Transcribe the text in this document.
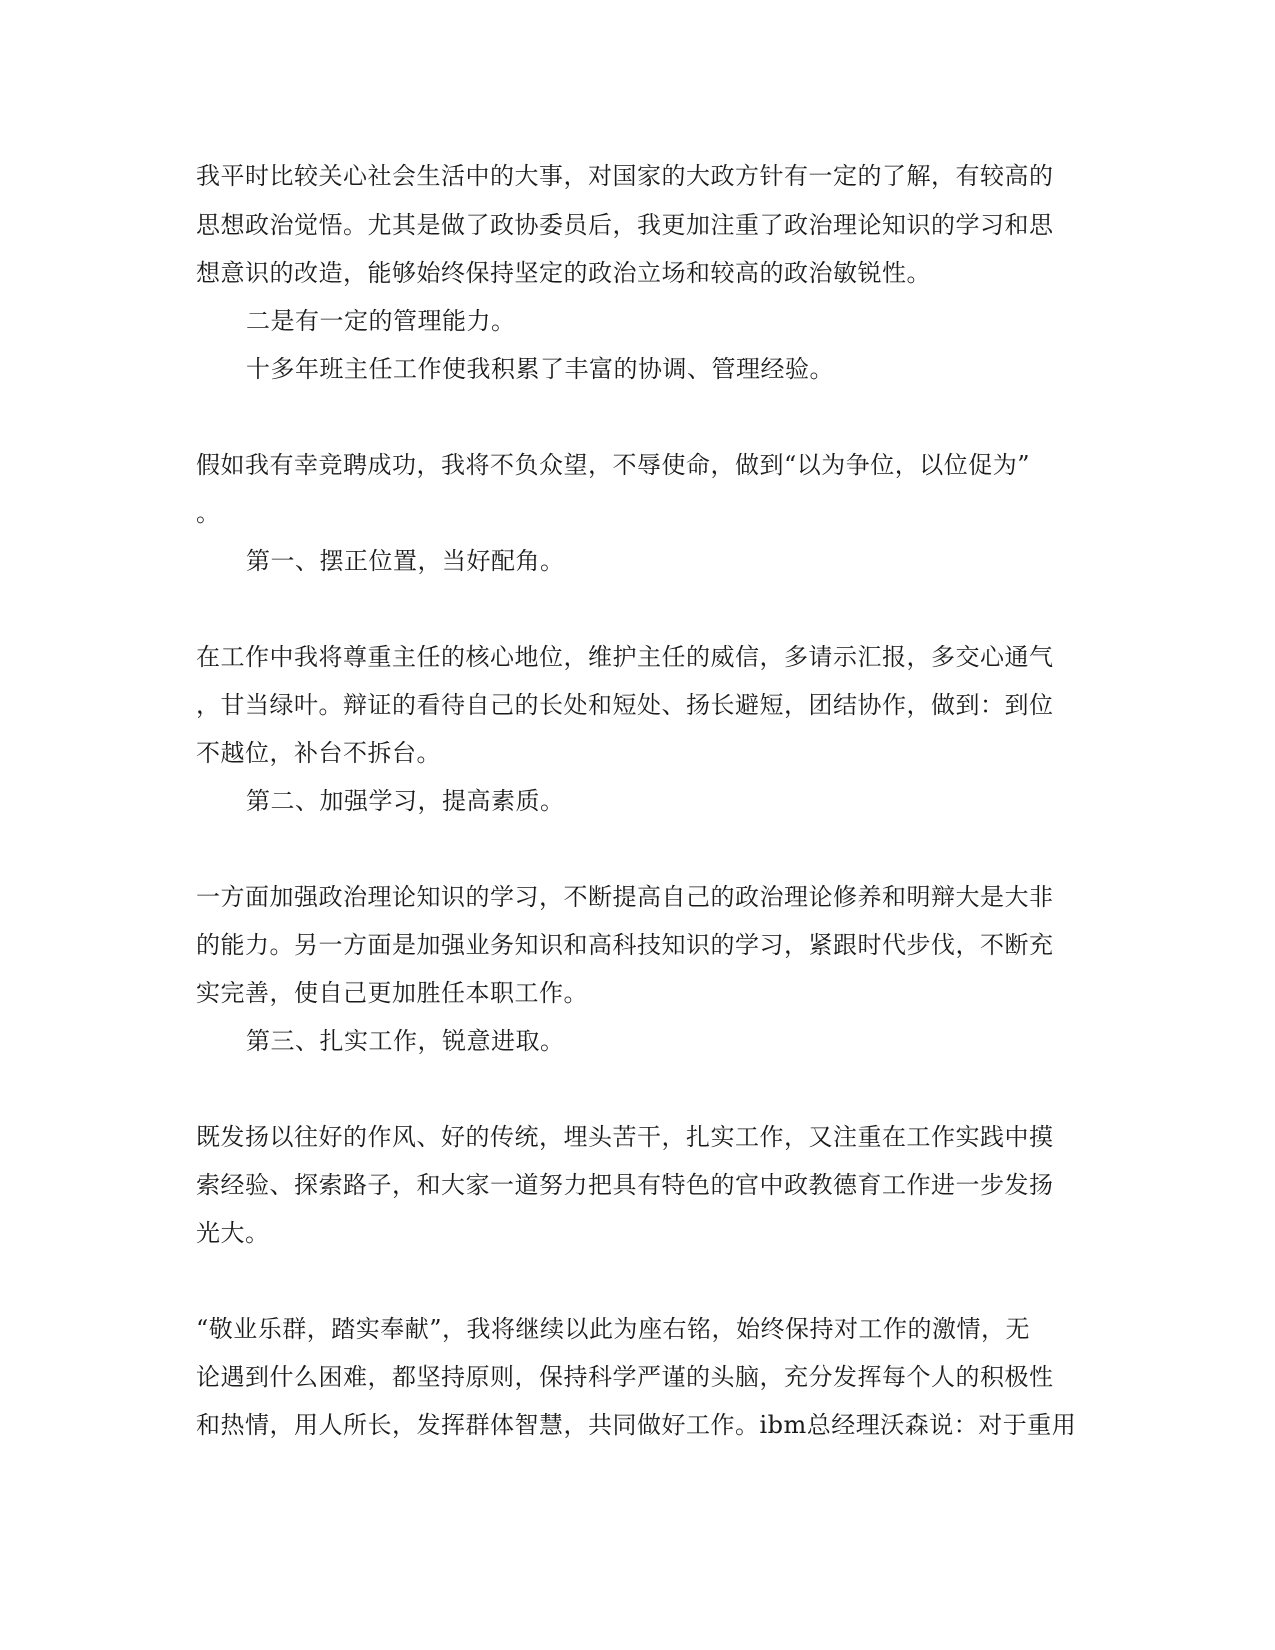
我平时比较关心社会生活中的大事，对国家的大政方针有一定的了解，有较高的
思想政治觉悟。尤其是做了政协委员后，我更加注重了政治理论知识的学习和思
想意识的改造，能够始终保持坚定的政治立场和较高的政治敏锐性。
二是有一定的管理能力。
十多年班主任工作使我积累了丰富的协调、管理经验。
假如我有幸竞聘成功，我将不负众望，不辱使命，做到“以为争位，以位促为”
。
第一、摆正位置，当好配角。
在工作中我将尊重主任的核心地位，维护主任的威信，多请示汇报，多交心通气
，甘当绿叶。辩证的看待自己的长处和短处、扬长避短，团结协作，做到：到位
不越位，补台不拆台。
第二、加强学习，提高素质。
一方面加强政治理论知识的学习，不断提高自己的政治理论修养和明辩大是大非
的能力。另一方面是加强业务知识和高科技知识的学习，紧跟时代步伐，不断充
实完善，使自己更加胜任本职工作。
第三、扎实工作，锐意进取。
既发扬以往好的作风、好的传统，埋头苦干，扎实工作，又注重在工作实践中摸
索经验、探索路子，和大家一道努力把具有特色的官中政教德育工作进一步发扬
光大。
“敬业乐群，踏实奉献”，我将继续以此为座右铭，始终保持对工作的激情，无
论遇到什么困难，都坚持原则，保持科学严谨的头脑，充分发挥每个人的积极性
和热情，用人所长，发挥群体智慧，共同做好工作。ibm总经理沃森说：对于重用
